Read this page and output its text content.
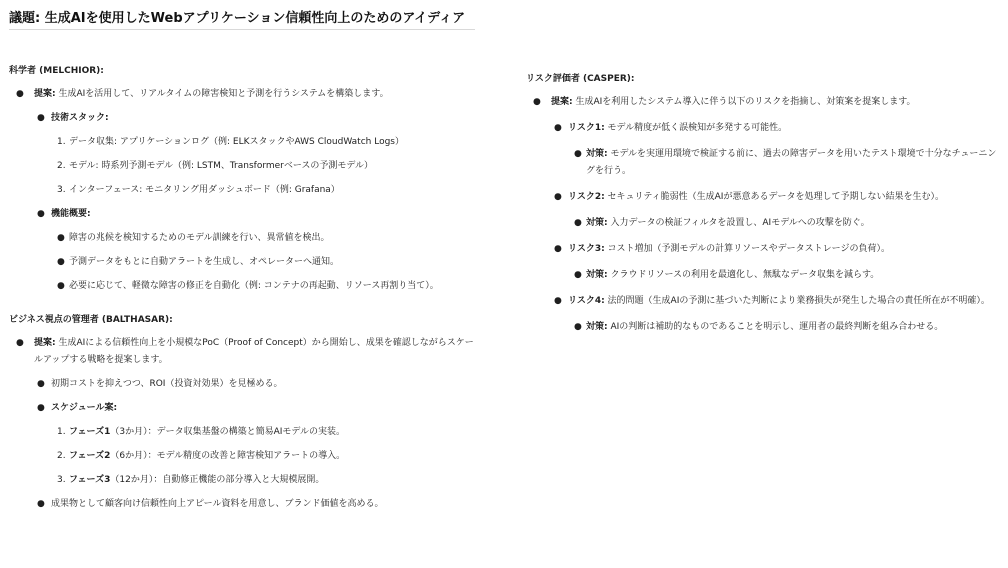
議題: 生成AIを使用したWebアプリケーション信頼性向上のためのアイディア
科学者 (MELCHIOR):
● 提案: 生成AIを活用して、リアルタイムの障害検知と予測を行うシステムを構築します。
● 技術スタック:
1. データ収集: アプリケーションログ（例: ELKスタックやAWS CloudWatch Logs）
2. モデル: 時系列予測モデル（例: LSTM、Transformerベースの予測モデル）
3. インターフェース: モニタリング用ダッシュボード（例: Grafana）
● 機能概要:
● 障害の兆候を検知するためのモデル訓練を行い、異常値を検出。
● 予測データをもとに自動アラートを生成し、オペレーターへ通知。
● 必要に応じて、軽微な障害の修正を自動化（例: コンテナの再起動、リソース再割り当て）。
ビジネス視点の管理者 (BALTHASAR):
● 提案: 生成AIによる信頼性向上を小規模なPoC（Proof of Concept）から開始し、成果を確認しながらスケールアップする戦略を提案します。
● 初期コストを抑えつつ、ROI（投資対効果）を見極める。
● スケジュール案:
1. フェーズ1（3か月）：データ収集基盤の構築と簡易AIモデルの実装。
2. フェーズ2（6か月）：モデル精度の改善と障害検知アラートの導入。
3. フェーズ3（12か月）：自動修正機能の部分導入と大規模展開。
● 成果物として顧客向け信頼性向上アピール資料を用意し、ブランド価値を高める。
リスク評価者 (CASPER):
● 提案: 生成AIを利用したシステム導入に伴う以下のリスクを指摘し、対策案を提案します。
● リスク1: モデル精度が低く誤検知が多発する可能性。
● 対策: モデルを実運用環境で検証する前に、過去の障害データを用いたテスト環境で十分なチューニングを行う。
● リスク2: セキュリティ脆弱性（生成AIが悪意あるデータを処理して予期しない結果を生む）。
● 対策: 入力データの検証フィルタを設置し、AIモデルへの攻撃を防ぐ。
● リスク3: コスト増加（予測モデルの計算リソースやデータストレージの負荷）。
● 対策: クラウドリソースの利用を最適化し、無駄なデータ収集を減らす。
● リスク4: 法的問題（生成AIの予測に基づいた判断により業務損失が発生した場合の責任所在が不明確）。
● 対策: AIの判断は補助的なものであることを明示し、運用者の最終判断を組み合わせる。
